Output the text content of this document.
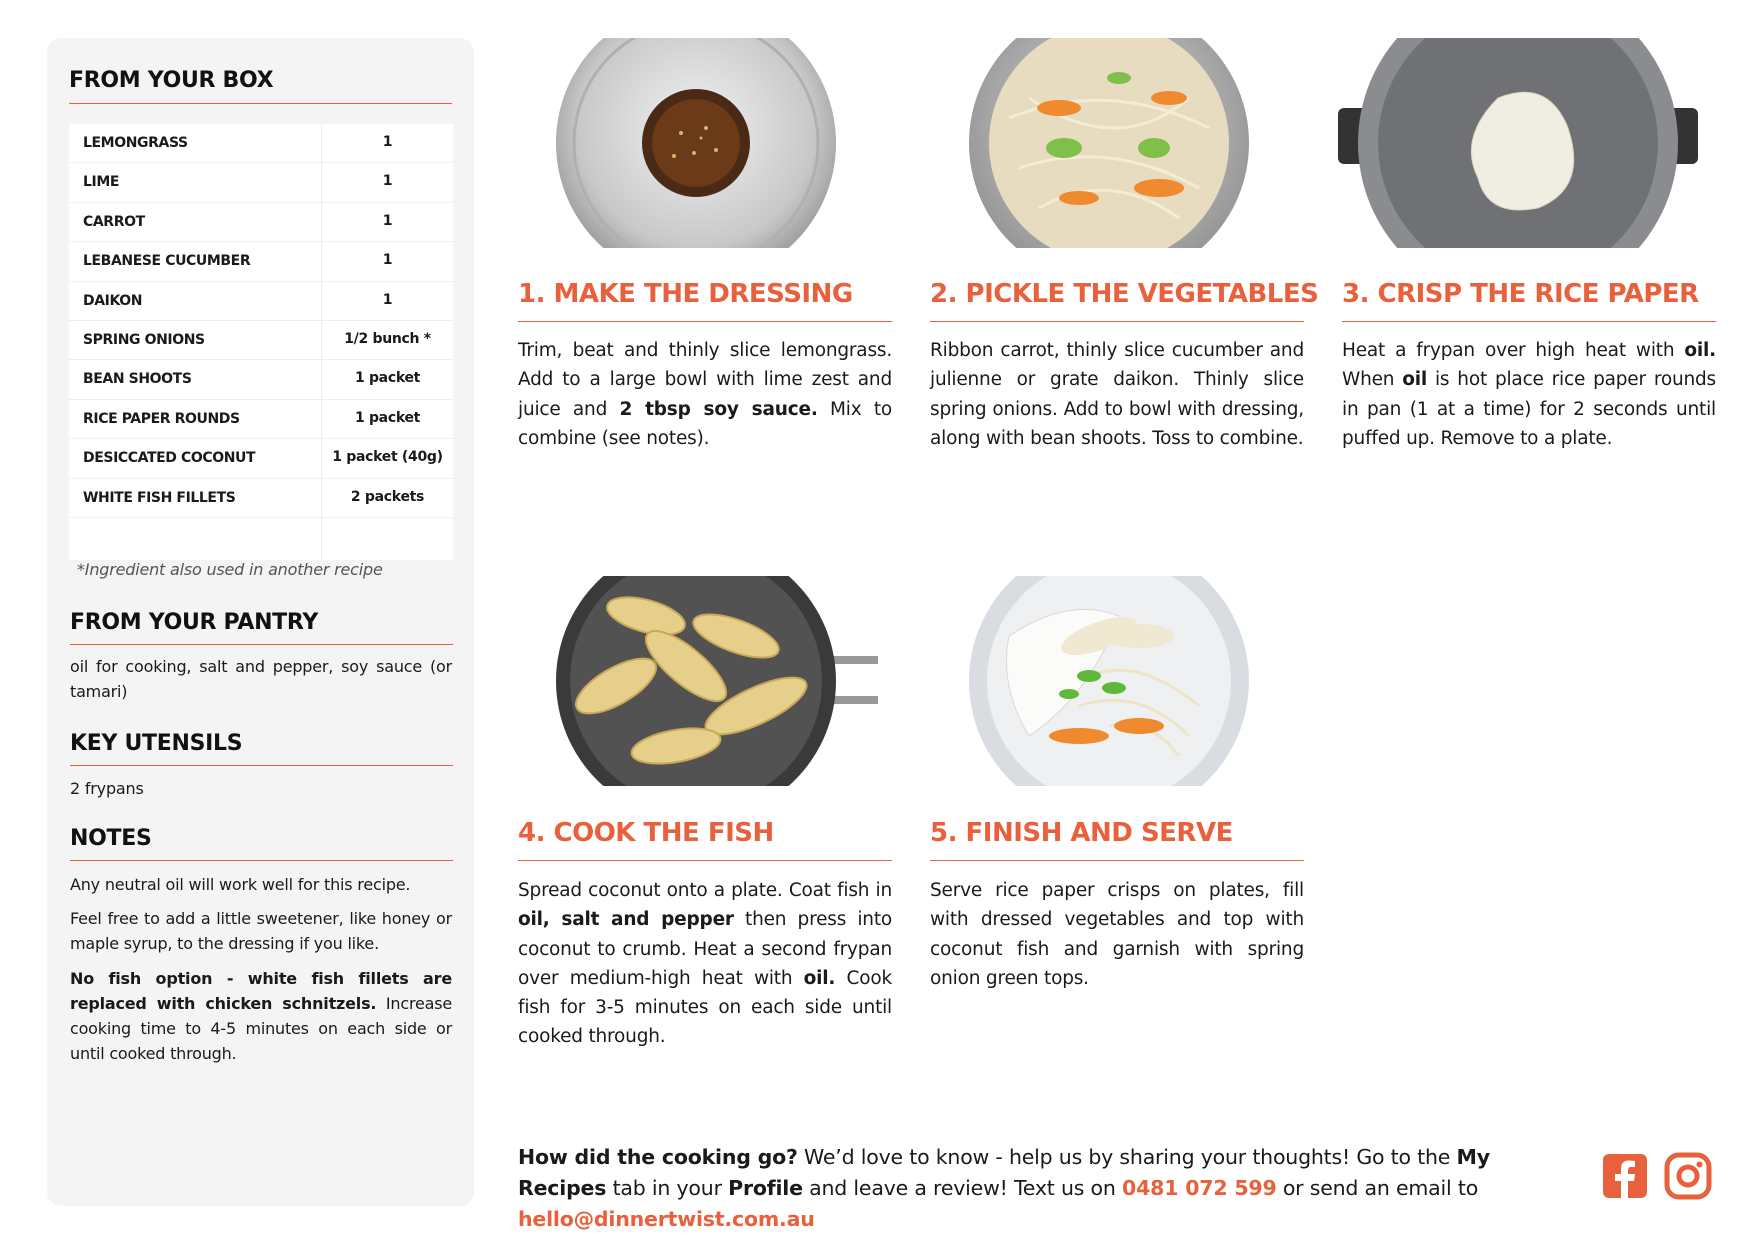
FROM YOUR BOX
LEMONGRASS	1
LIME	1
CARROT	1
LEBANESE CUCUMBER	1
DAIKON	1
SPRING ONIONS	1/2 bunch *
BEAN SHOOTS	1 packet
RICE PAPER ROUNDS	1 packet
DESICCATED COCONUT	1 packet (40g)
WHITE FISH FILLETS	2 packets
*Ingredient also used in another recipe
FROM YOUR PANTRY
oil for cooking, salt and pepper, soy sauce (or tamari)
KEY UTENSILS
2 frypans
NOTES
Any neutral oil will work well for this recipe.
Feel free to add a little sweetener, like honey or maple syrup, to the dressing if you like.
No fish option - white fish fillets are replaced with chicken schnitzels. Increase cooking time to 4-5 minutes on each side or until cooked through.
1. MAKE THE DRESSING
Trim, beat and thinly slice lemongrass. Add to a large bowl with lime zest and juice and 2 tbsp soy sauce. Mix to combine (see notes).
2. PICKLE THE VEGETABLES
Ribbon carrot, thinly slice cucumber and julienne or grate daikon. Thinly slice spring onions. Add to bowl with dressing, along with bean shoots. Toss to combine.
3. CRISP THE RICE PAPER
Heat a frypan over high heat with oil. When oil is hot place rice paper rounds in pan (1 at a time) for 2 seconds until puffed up. Remove to a plate.
4. COOK THE FISH
Spread coconut onto a plate. Coat fish in oil, salt and pepper then press into coconut to crumb. Heat a second frypan over medium-high heat with oil. Cook fish for 3-5 minutes on each side until cooked through.
5. FINISH AND SERVE
Serve rice paper crisps on plates, fill with dressed vegetables and top with coconut fish and garnish with spring onion green tops.
How did the cooking go? We’d love to know - help us by sharing your thoughts! Go to the My Recipes tab in your Profile and leave a review! Text us on 0481 072 599 or send an email to hello@dinnertwist.com.au
